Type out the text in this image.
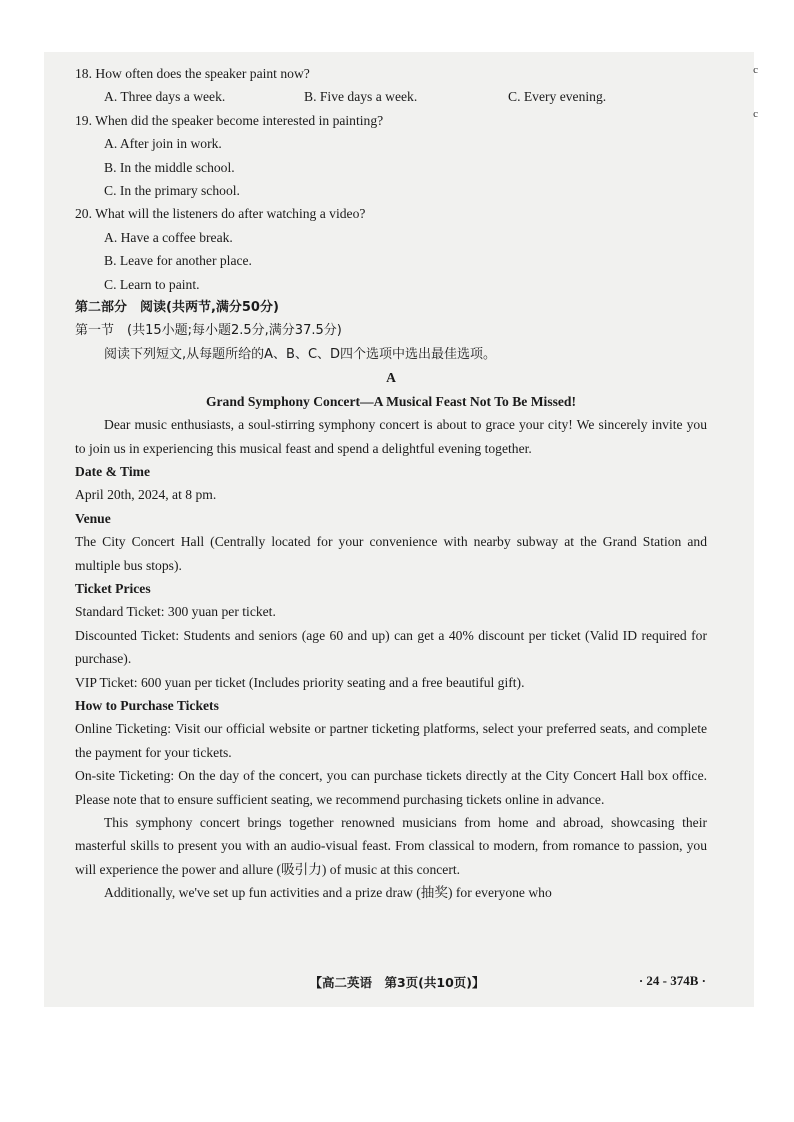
c
c
18. How often does the speaker paint now?
A. Three days a week.	B. Five days a week.	C. Every evening.
19. When did the speaker become interested in painting?
A. After join in work.
B. In the middle school.
C. In the primary school.
20. What will the listeners do after watching a video?
A. Have a coffee break.
B. Leave for another place.
C. Learn to paint.
第二部分　阅读(共两节,满分50分)
第一节　(共15小题;每小题2.5分,满分37.5分)
阅读下列短文,从每题所给的A、B、C、D四个选项中选出最佳选项。
A
Grand Symphony Concert—A Musical Feast Not To Be Missed!
Dear music enthusiasts, a soul-stirring symphony concert is about to grace your city! We sincerely invite you to join us in experiencing this musical feast and spend a delightful evening together.
Date & Time
April 20th, 2024, at 8 pm.
Venue
The City Concert Hall (Centrally located for your convenience with nearby subway at the Grand Station and multiple bus stops).
Ticket Prices
Standard Ticket: 300 yuan per ticket.
Discounted Ticket: Students and seniors (age 60 and up) can get a 40% discount per ticket (Valid ID required for purchase).
VIP Ticket: 600 yuan per ticket (Includes priority seating and a free beautiful gift).
How to Purchase Tickets
Online Ticketing: Visit our official website or partner ticketing platforms, select your preferred seats, and complete the payment for your tickets.
On-site Ticketing: On the day of the concert, you can purchase tickets directly at the City Concert Hall box office. Please note that to ensure sufficient seating, we recommend purchasing tickets online in advance.
This symphony concert brings together renowned musicians from home and abroad, showcasing their masterful skills to present you with an audio-visual feast. From classical to modern, from romance to passion, you will experience the power and allure (吸引力) of music at this concert.
Additionally, we've set up fun activities and a prize draw (抽奖) for everyone who
【高二英语　第3页(共10页)】	· 24 - 374B ·
